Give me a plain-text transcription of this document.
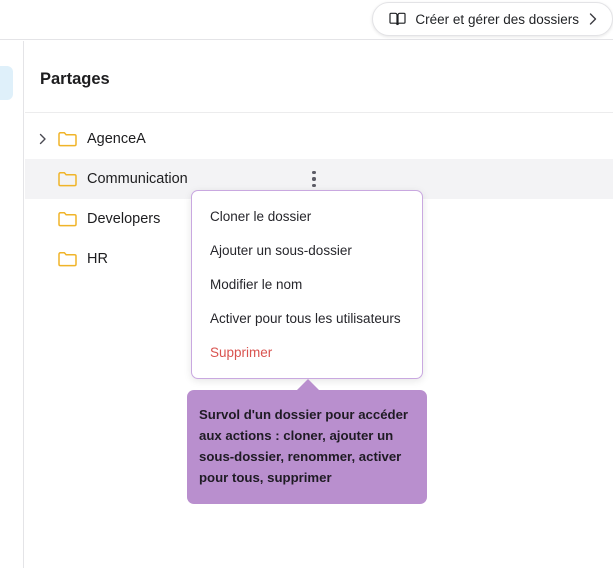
Créer et gérer des dossiers
Partages
AgenceA
Communication
Developers
HR
Cloner le dossier
Ajouter un sous-dossier
Modifier le nom
Activer pour tous les utilisateurs
Supprimer
Survol d'un dossier pour accéder aux actions : cloner, ajouter un sous-dossier, renommer, activer pour tous, supprimer
